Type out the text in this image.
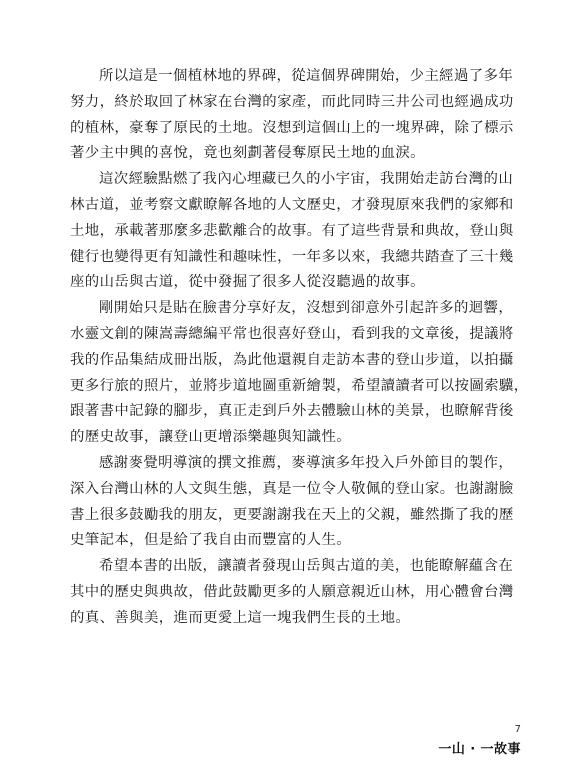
所以這是一個植林地的界碑，從這個界碑開始，少主經過了多年
努力，終於取回了林家在台灣的家產，而此同時三井公司也經過成功
的植林，豪奪了原民的土地。沒想到這個山上的一塊界碑，除了標示
著少主中興的喜悅，竟也刻劃著侵奪原民土地的血淚。

這次經驗點燃了我內心埋藏已久的小宇宙，我開始走訪台灣的山
林古道，並考察文獻瞭解各地的人文歷史，才發現原來我們的家鄉和
土地，承載著那麼多悲歡離合的故事。有了這些背景和典故，登山與
健行也變得更有知識性和趣味性，一年多以來，我總共踏查了三十幾
座的山岳與古道，從中發掘了很多人從沒聽過的故事。

剛開始只是貼在臉書分享好友，沒想到卻意外引起許多的迴響，
水靈文創的陳嵩壽總編平常也很喜好登山，看到我的文章後，提議將
我的作品集結成冊出版，為此他還親自走訪本書的登山步道，以拍攝
更多行旅的照片，並將步道地圖重新繪製，希望讀讀者可以按圖索驥，
跟著書中記錄的腳步，真正走到戶外去體驗山林的美景，也瞭解背後
的歷史故事，讓登山更增添樂趣與知識性。

感謝麥覺明導演的撰文推薦，麥導演多年投入戶外節目的製作，
深入台灣山林的人文與生態，真是一位令人敬佩的登山家。也謝謝臉
書上很多鼓勵我的朋友，更要謝謝我在天上的父親，雖然撕了我的歷
史筆記本，但是給了我自由而豐富的人生。

希望本書的出版，讓讀者發現山岳與古道的美，也能瞭解蘊含在
其中的歷史與典故，借此鼓勵更多的人願意親近山林，用心體會台灣
的真、善與美，進而更愛上這一塊我們生長的土地。

7
一山 ‧ 一故事
